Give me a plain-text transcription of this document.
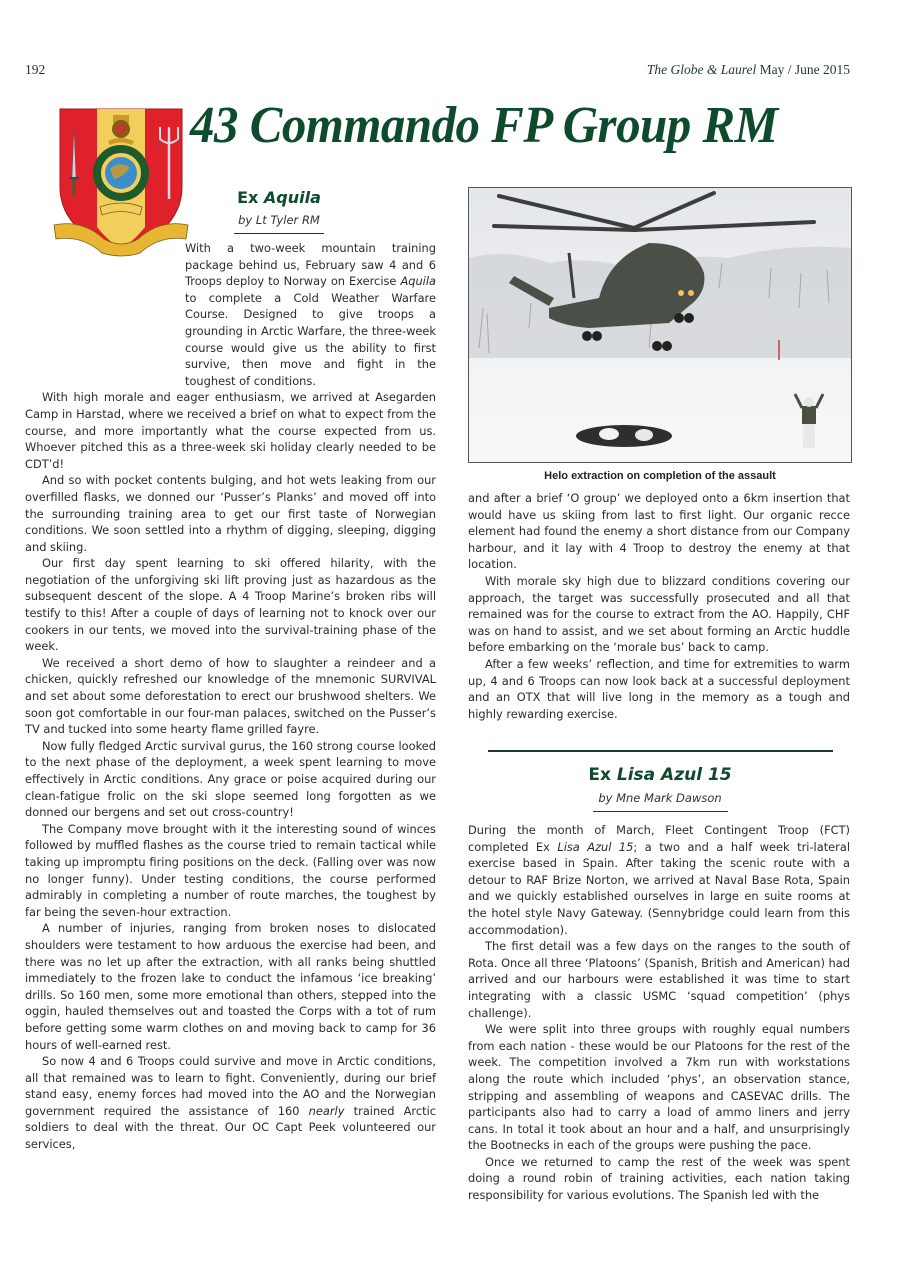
192	The Globe & Laurel May / June 2015
43 Commando FP Group RM
Ex Aquila
by Lt Tyler RM

With a two-week mountain training package behind us, February saw 4 and 6 Troops deploy to Norway on Exercise Aquila to complete a Cold Weather Warfare Course. Designed to give troops a grounding in Arctic Warfare, the three-week course would give us the ability to first survive, then move and fight in the toughest of conditions.

With high morale and eager enthusiasm, we arrived at Asegarden Camp in Harstad, where we received a brief on what to expect from the course, and more importantly what the course expected from us. Whoever pitched this as a three-week ski holiday clearly needed to be CDT’d!

And so with pocket contents bulging, and hot wets leaking from our overfilled flasks, we donned our ‘Pusser’s Planks’ and moved off into the surrounding training area to get our first taste of Norwegian conditions. We soon settled into a rhythm of digging, sleeping, digging and skiing.

Our first day spent learning to ski offered hilarity, with the negotiation of the unforgiving ski lift proving just as hazardous as the subsequent descent of the slope. A 4 Troop Marine’s broken ribs will testify to this! After a couple of days of learning not to knock over our cookers in our tents, we moved into the survival-training phase of the week.

We received a short demo of how to slaughter a reindeer and a chicken, quickly refreshed our knowledge of the mnemonic SURVIVAL and set about some deforestation to erect our brushwood shelters. We soon got comfortable in our four-man palaces, switched on the Pusser’s TV and tucked into some hearty flame grilled fayre.

Now fully fledged Arctic survival gurus, the 160 strong course looked to the next phase of the deployment, a week spent learning to move effectively in Arctic conditions. Any grace or poise acquired during our clean-fatigue frolic on the ski slope seemed long forgotten as we donned our bergens and set out cross-country!

The Company move brought with it the interesting sound of winces followed by muffled flashes as the course tried to remain tactical while taking up impromptu firing positions on the deck. (Falling over was now no longer funny). Under testing conditions, the course performed admirably in completing a number of route marches, the toughest by far being the seven-hour extraction.

A number of injuries, ranging from broken noses to dislocated shoulders were testament to how arduous the exercise had been, and there was no let up after the extraction, with all ranks being shuttled immediately to the frozen lake to conduct the infamous ‘ice breaking’ drills. So 160 men, some more emotional than others, stepped into the oggin, hauled themselves out and toasted the Corps with a tot of rum before getting some warm clothes on and moving back to camp for 36 hours of well-earned rest.

So now 4 and 6 Troops could survive and move in Arctic conditions, all that remained was to learn to fight. Conveniently, during our brief stand easy, enemy forces had moved into the AO and the Norwegian government required the assistance of 160 nearly trained Arctic soldiers to deal with the threat. Our OC Capt Peek volunteered our services,

Helo extraction on completion of the assault

and after a brief ‘O group’ we deployed onto a 6km insertion that would have us skiing from last to first light. Our organic recce element had found the enemy a short distance from our Company harbour, and it lay with 4 Troop to destroy the enemy at that location.

With morale sky high due to blizzard conditions covering our approach, the target was successfully prosecuted and all that remained was for the course to extract from the AO. Happily, CHF was on hand to assist, and we set about forming an Arctic huddle before embarking on the ‘morale bus’ back to camp.

After a few weeks’ reflection, and time for extremities to warm up, 4 and 6 Troops can now look back at a successful deployment and an OTX that will live long in the memory as a tough and highly rewarding exercise.

Ex Lisa Azul 15
by Mne Mark Dawson

During the month of March, Fleet Contingent Troop (FCT) completed Ex Lisa Azul 15; a two and a half week tri-lateral exercise based in Spain. After taking the scenic route with a detour to RAF Brize Norton, we arrived at Naval Base Rota, Spain and we quickly established ourselves in large en suite rooms at the hotel style Navy Gateway. (Sennybridge could learn from this accommodation).

The first detail was a few days on the ranges to the south of Rota. Once all three ‘Platoons’ (Spanish, British and American) had arrived and our harbours were established it was time to start integrating with a classic USMC ‘squad competition’ (phys challenge).

We were split into three groups with roughly equal numbers from each nation - these would be our Platoons for the rest of the week. The competition involved a 7km run with workstations along the route which included ‘phys’, an observation stance, stripping and assembling of weapons and CASEVAC drills. The participants also had to carry a load of ammo liners and jerry cans. In total it took about an hour and a half, and unsurprisingly the Bootnecks in each of the groups were pushing the pace.

Once we returned to camp the rest of the week was spent doing a round robin of training activities, each nation taking responsibility for various evolutions. The Spanish led with the
